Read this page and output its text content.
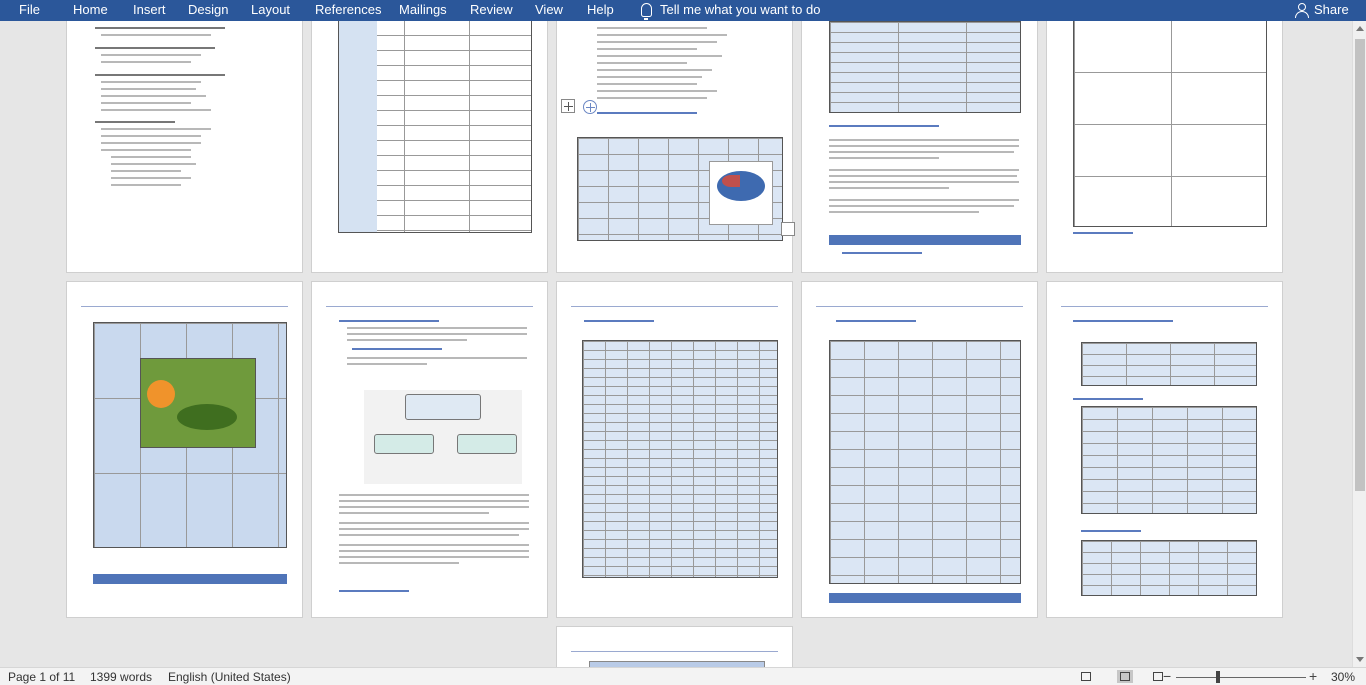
File	Home Insert Design Layout References Mailings Review View Help	Tell me what you want to do	Share
Page 1 of 11 1399 words English (United States)	−	+ 30%
